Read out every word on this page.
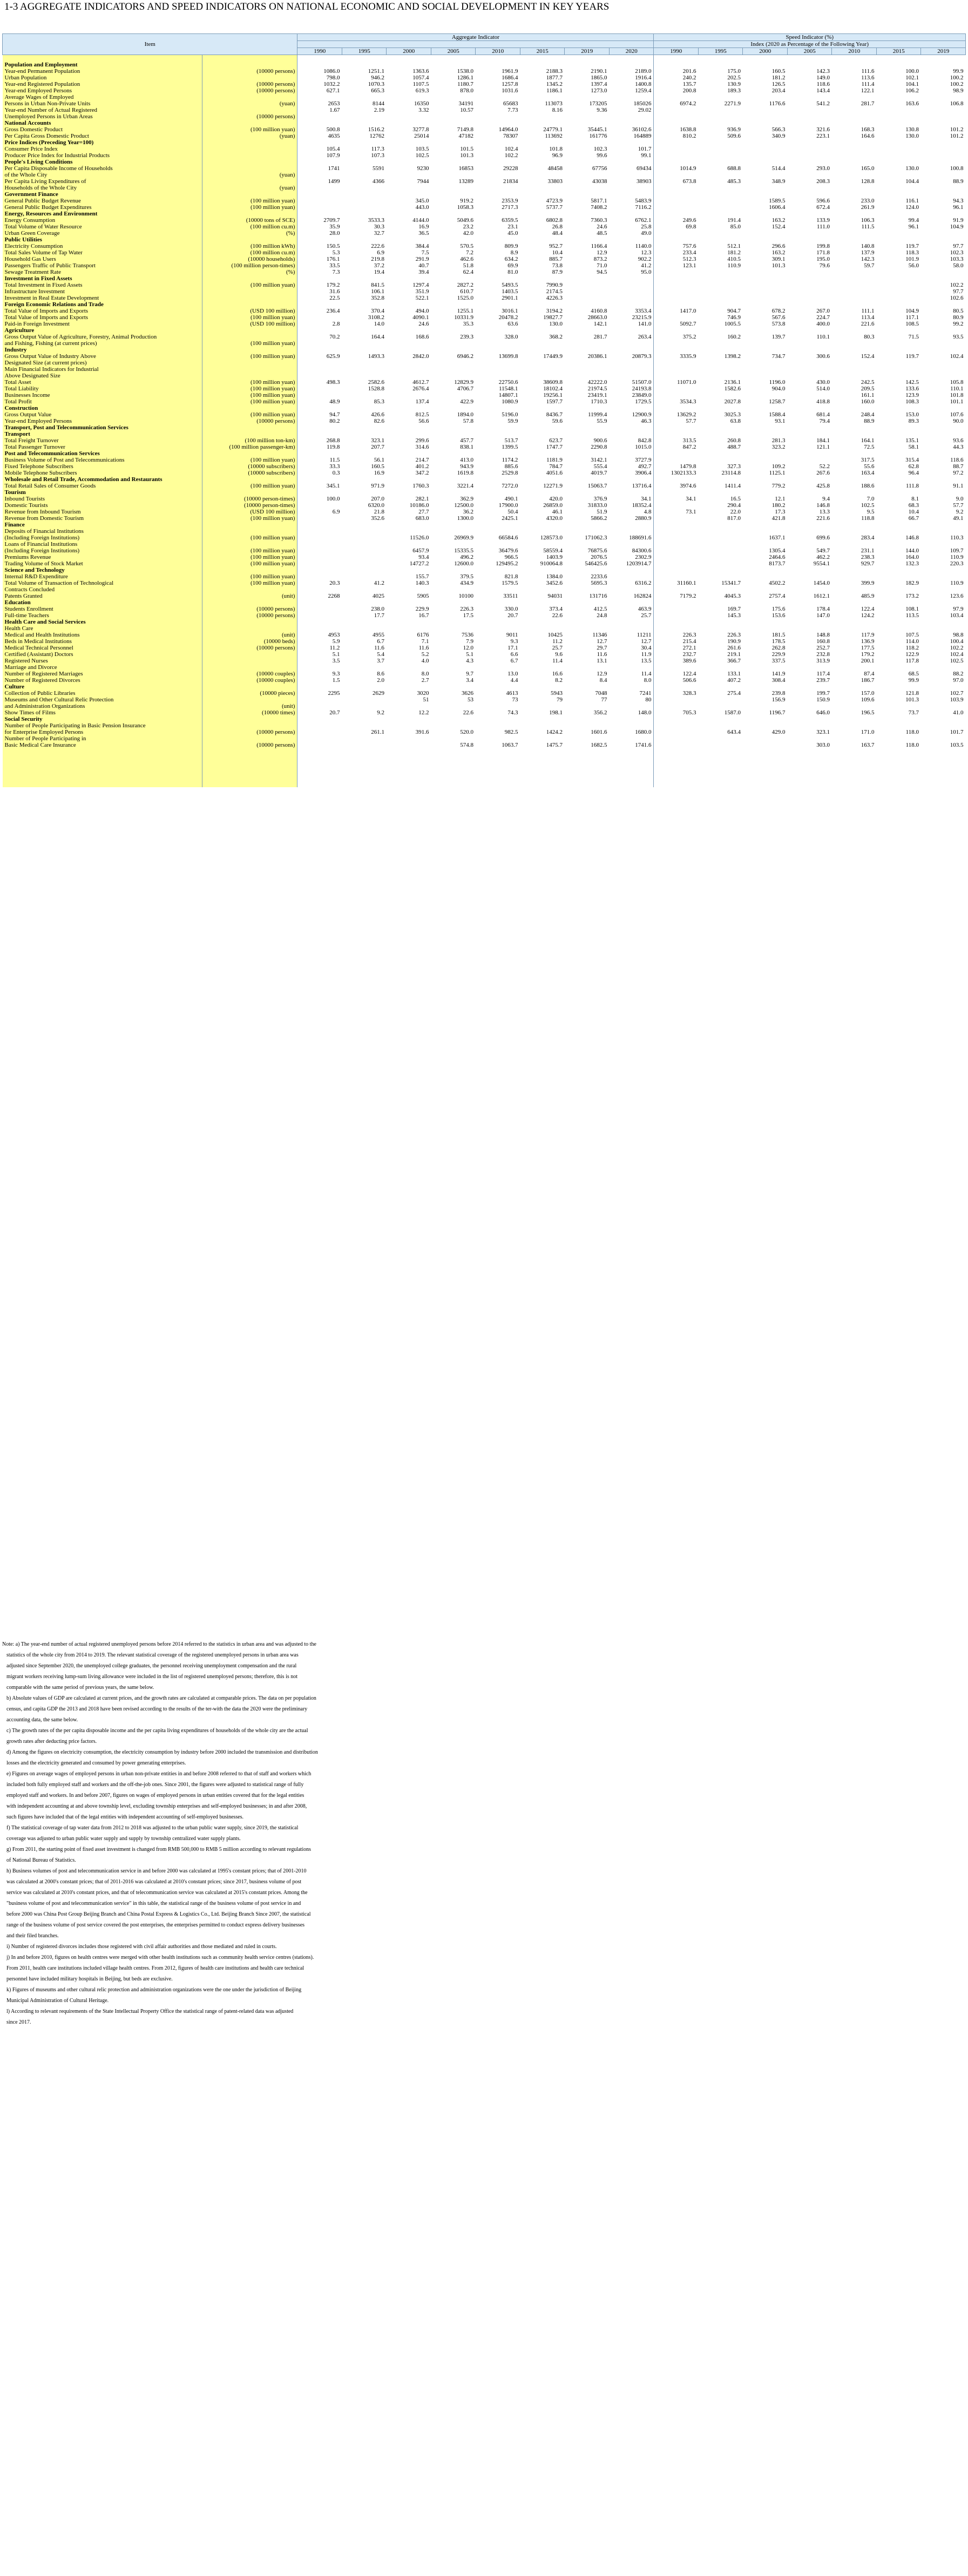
1-3 AGGREGATE INDICATORS AND SPEED INDICATORS ON NATIONAL ECONOMIC AND SOCIAL DEVELOPMENT IN KEY YEARS
Item		Aggregate Indicator								Speed Indicator (%)						
										Index (2020 as Percentage of the Following Year)						
		1990	1995	2000	2005	2010	2015	2019	2020	1990	1995	2000	2005	2010	2015	2019

Population and Employment																
Year-end Permanent Population	(10000 persons)	1086.0	1251.1	1363.6	1538.0	1961.9	2188.3	2190.1	2189.0	201.6	175.0	160.5	142.3	111.6	100.0	99.9
Urban Population		798.0	946.2	1057.4	1286.1	1686.4	1877.7	1865.0	1916.4	240.2	202.5	181.2	149.0	113.6	102.1	100.2
Year-end Registered Population	(10000 persons)	1032.2	1070.3	1107.5	1180.7	1257.8	1345.2	1397.4	1400.8	135.7	130.9	126.5	118.6	111.4	104.1	100.2
Year-end Employed Persons	(10000 persons)	627.1	665.3	619.3	878.0	1031.6	1186.1	1273.0	1259.4	200.8	189.3	203.4	143.4	122.1	106.2	98.9
Average Wages of Employed																
Persons in Urban Non-Private Units	(yuan)	2653	8144	16350	34191	65683	113073	173205	185026	6974.2	2271.9	1176.6	541.2	281.7	163.6	106.8
Year-end Number of Actual Registered		1.67	2.19	3.32	10.57	7.73	8.16	9.36	29.02							
Unemployed Persons in Urban Areas	(10000 persons)															
National Accounts																
Gross Domestic Product	(100 million yuan)	500.8	1516.2	3277.8	7149.8	14964.0	24779.1	35445.1	36102.6	1638.8	936.9	566.3	321.6	168.3	130.8	101.2
Per Capita Gross Domestic Product	(yuan)	4635	12762	25014	47182	78307	113692	161776	164889	810.2	509.6	340.9	223.1	164.6	130.0	101.2
Price Indices (Preceding Year=100)																
Consumer Price Index		105.4	117.3	103.5	101.5	102.4	101.8	102.3	101.7							
Producer Price Index for Industrial Products		107.9	107.3	102.5	101.3	102.2	96.9	99.6	99.1							
People's Living Conditions																
Per Capita Disposable Income of Households		1741	5591	9230	16853	29228	48458	67756	69434	1014.9	688.8	514.4	293.0	165.0	130.0	100.8
of the Whole City	(yuan)															
Per Capita Living Expenditures of		1499	4366	7944	13289	21834	33803	43038	38903	673.8	485.3	348.9	208.3	128.8	104.4	88.9
Households of the Whole City	(yuan)															
Government Finance																
General Public Budget Revenue	(100 million yuan)			345.0	919.2	2353.9	4723.9	5817.1	5483.9			1589.5	596.6	233.0	116.1	94.3
General Public Budget Expenditures	(100 million yuan)			443.0	1058.3	2717.3	5737.7	7408.2	7116.2			1606.4	672.4	261.9	124.0	96.1
Energy, Resources and Environment																
Energy Consumption	(10000 tons of SCE)	2709.7	3533.3	4144.0	5049.6	6359.5	6802.8	7360.3	6762.1	249.6	191.4	163.2	133.9	106.3	99.4	91.9
Total Volume of Water Resource	(100 million cu.m)	35.9	30.3	16.9	23.2	23.1	26.8	24.6	25.8	69.8	85.0	152.4	111.0	111.5	96.1	104.9
Urban Green Coverage	(%)	28.0	32.7	36.5	42.0	45.0	48.4	48.5	49.0							
Public Utilities																
Electricity Consumption	(100 million kWh)	150.5	222.6	384.4	570.5	809.9	952.7	1166.4	1140.0	757.6	512.1	296.6	199.8	140.8	119.7	97.7
Total Sales Volume of Tap Water	(100 million cu.m)	5.3	6.9	7.5	7.2	8.9	10.4	12.9	12.3	233.4	181.2	163.2	171.8	137.9	118.3	102.3
Household Gas Users	(10000 households)	176.1	219.8	291.9	462.6	634.2	885.7	873.2	902.2	512.3	410.5	309.1	195.0	142.3	101.9	103.3
Passengers Traffic of Public Transport	(100 million person-times)	33.5	37.2	40.7	51.8	69.9	73.8	71.0	41.2	123.1	110.9	101.3	79.6	59.7	56.0	58.0
Sewage Treatment Rate	(%)	7.3	19.4	39.4	62.4	81.0	87.9	94.5	95.0							
Investment in Fixed Assets																
Total Investment in Fixed Assets	(100 million yuan)	179.2	841.5	1297.4	2827.2	5493.5	7990.9									102.2
Infrastructure Investment		31.6	106.1	351.9	610.7	1403.5	2174.5									97.7
Investment in Real Estate Development		22.5	352.8	522.1	1525.0	2901.1	4226.3									102.6
Foreign Economic Relations and Trade																
Total Value of Imports and Exports	(USD 100 million)	236.4	370.4	494.0	1255.1	3016.1	3194.2	4160.8	3353.4	1417.0	904.7	678.2	267.0	111.1	104.9	80.5
Total Value of Imports and Exports	(100 million yuan)		3108.2	4090.1	10331.9	20478.2	19827.7	28663.0	23215.9		746.9	567.6	224.7	113.4	117.1	80.9
Paid-in Foreign Investment	(USD 100 million)	2.8	14.0	24.6	35.3	63.6	130.0	142.1	141.0	5092.7	1005.5	573.8	400.0	221.6	108.5	99.2
Agriculture																
Gross Output Value of Agriculture, Forestry, Animal Production		70.2	164.4	168.6	239.3	328.0	368.2	281.7	263.4	375.2	160.2	139.7	110.1	80.3	71.5	93.5
and Fishing, Fishing (at current prices)	(100 million yuan)															
Industry																
Gross Output Value of Industry Above	(100 million yuan)	625.9	1493.3	2842.0	6946.2	13699.8	17449.9	20386.1	20879.3	3335.9	1398.2	734.7	300.6	152.4	119.7	102.4
Designated Size (at current prices)																
Main Financial Indicators for Industrial																
Above Designated Size																
Total Asset	(100 million yuan)	498.3	2582.6	4612.7	12829.9	22750.6	38609.8	42222.0	51507.0	11071.0	2136.1	1196.0	430.0	242.5	142.5	105.8
Total Liability	(100 million yuan)		1528.8	2676.4	4706.7	11548.1	18102.4	21974.5	24193.8		1582.6	904.0	514.0	209.5	133.6	110.1
Businesses Income	(100 million yuan)					14807.1	19256.1	23419.1	23849.0					161.1	123.9	101.8
Total Profit	(100 million yuan)	48.9	85.3	137.4	422.9	1080.9	1597.7	1710.3	1729.5	3534.3	2027.8	1258.7	418.8	160.0	108.3	101.1
Construction																
Gross Output Value	(100 million yuan)	94.7	426.6	812.5	1894.0	5196.0	8436.7	11999.4	12900.9	13629.2	3025.3	1588.4	681.4	248.4	153.0	107.6
Year-end Employed Persons	(10000 persons)	80.2	82.6	56.6	57.8	59.9	59.6	55.9	46.3	57.7	63.8	93.1	79.4	88.9	89.3	90.0
Transport, Post and Telecommunication Services																
Transport																
Total Freight Turnover	(100 million ton-km)	268.8	323.1	299.6	457.7	513.7	623.7	900.6	842.8	313.5	260.8	281.3	184.1	164.1	135.1	93.6
Total Passenger Turnover	(100 million passenger-km)	119.8	207.7	314.6	838.1	1399.5	1747.7	2290.8	1015.0	847.2	488.7	323.2	121.1	72.5	58.1	44.3
Post and Telecommunication Services																
Business Volume of Post and Telecommunications	(100 million yuan)	11.5	56.1	214.7	413.0	1174.2	1181.9	3142.1	3727.9					317.5	315.4	118.6
Fixed Telephone Subscribers	(10000 subscribers)	33.3	160.5	401.2	943.9	885.6	784.7	555.4	492.7	1479.8	327.3	109.2	52.2	55.6	62.8	88.7
Mobile Telephone Subscribers	(10000 subscribers)	0.3	16.9	347.2	1619.8	2529.8	4051.6	4019.7	3906.4	1302133.3	23114.8	1125.1	267.6	163.4	96.4	97.2
Wholesale and Retail Trade, Accommodation and Restaurants																
Total Retail Sales of Consumer Goods	(100 million yuan)	345.1	971.9	1760.3	3221.4	7272.0	12271.9	15063.7	13716.4	3974.6	1411.4	779.2	425.8	188.6	111.8	91.1
Tourism																
Inbound Tourists	(10000 person-times)	100.0	207.0	282.1	362.9	490.1	420.0	376.9	34.1	34.1	16.5	12.1	9.4	7.0	8.1	9.0
Domestic Tourists	(10000 person-times)		6320.0	10186.0	12500.0	17900.0	26859.0	31833.0	18352.4		290.4	180.2	146.8	102.5	68.3	57.7
Revenue from Inbound Tourism	(USD 100 million)	6.9	21.8	27.7	36.2	50.4	46.1	51.9	4.8	73.1	22.0	17.3	13.3	9.5	10.4	9.2
Revenue from Domestic Tourism	(100 million yuan)		352.6	683.0	1300.0	2425.1	4320.0	5866.2	2880.9		817.0	421.8	221.6	118.8	66.7	49.1
Finance																
Deposits of Financial Institutions																
(Including Foreign Institutions)	(100 million yuan)			11526.0	26969.9	66584.6	128573.0	171062.3	188691.6			1637.1	699.6	283.4	146.8	110.3
Loans of Financial Institutions																
(Including Foreign Institutions)	(100 million yuan)			6457.9	15335.5	36479.6	58559.4	76875.6	84300.6			1305.4	549.7	231.1	144.0	109.7
Premiums Revenue	(100 million yuan)			93.4	496.2	966.5	1403.9	2076.5	2302.9			2464.6	462.2	238.3	164.0	110.9
Trading Volume of Stock Market	(100 million yuan)			14727.2	12600.0	129495.2	910064.8	546425.6	1203914.7			8173.7	9554.1	929.7	132.3	220.3
Science and Technology																
Internal R&D Expenditure	(100 million yuan)			155.7	379.5	821.8	1384.0	2233.6								
Total Volume of Transaction of Technological	(100 million yuan)	20.3	41.2	140.3	434.9	1579.5	3452.6	5695.3	6316.2	31160.1	15341.7	4502.2	1454.0	399.9	182.9	110.9
Contracts Concluded																
Patents Granted	(unit)	2268	4025	5905	10100	33511	94031	131716	162824	7179.2	4045.3	2757.4	1612.1	485.9	173.2	123.6
Education																
Students Enrollment	(10000 persons)		238.0	229.9	226.3	330.0	373.4	412.5	463.9		169.7	175.6	178.4	122.4	108.1	97.9
Full-time Teachers	(10000 persons)		17.7	16.7	17.5	20.7	22.6	24.8	25.7		145.3	153.6	147.0	124.2	113.5	103.4
Health Care and Social Services																
Health Care																
Medical and Health Institutions	(unit)	4953	4955	6176	7536	9011	10425	11346	11211	226.3	226.3	181.5	148.8	117.9	107.5	98.8
Beds in Medical Institutions	(10000 beds)	5.9	6.7	7.1	7.9	9.3	11.2	12.7	12.7	215.4	190.9	178.5	160.8	136.9	114.0	100.4
Medical Technical Personnel	(10000 persons)	11.2	11.6	11.6	12.0	17.1	25.7	29.7	30.4	272.1	261.6	262.8	252.7	177.5	118.2	102.2
Certified (Assistant) Doctors		5.1	5.4	5.2	5.1	6.6	9.6	11.6	11.9	232.7	219.1	229.9	232.8	179.2	122.9	102.4
Registered Nurses		3.5	3.7	4.0	4.3	6.7	11.4	13.1	13.5	389.6	366.7	337.5	313.9	200.1	117.8	102.5
Marriage and Divorce																
Number of Registered Marriages	(10000 couples)	9.3	8.6	8.0	9.7	13.0	16.6	12.9	11.4	122.4	133.1	141.9	117.4	87.4	68.5	88.2
Number of Registered Divorces	(10000 couples)	1.5	2.0	2.7	3.4	4.4	8.2	8.4	8.0	506.6	407.2	308.4	239.7	186.7	99.9	97.0
Culture																
Collection of Public Libraries	(10000 pieces)	2295	2629	3020	3626	4613	5943	7048	7241	328.3	275.4	239.8	199.7	157.0	121.8	102.7
Museums and Other Cultural Relic Protection				51	53	73	79	77	80			156.9	150.9	109.6	101.3	103.9
and Administration Organizations	(unit)															
Show Times of Films	(10000 times)	20.7	9.2	12.2	22.6	74.3	198.1	356.2	148.0	705.3	1587.0	1196.7	646.0	196.5	73.7	41.0
Social Security																
Number of People Participating in Basic Pension Insurance																
for Enterprise Employed Persons	(10000 persons)		261.1	391.6	520.0	982.5	1424.2	1601.6	1680.0		643.4	429.0	323.1	171.0	118.0	101.7
Number of People Participating in																
Basic Medical Care Insurance	(10000 persons)				574.8	1063.7	1475.7	1682.5	1741.6				303.0	163.7	118.0	103.5

Note: a) The year-end number of actual registered unemployed persons before 2014 referred to the statistics in urban area and was adjusted to the
statistics of the whole city from 2014 to 2019. The relevant statistical coverage of the registered unemployed persons in urban area was
adjusted since September 2020, the unemployed college graduates, the personnel receiving unemployment compensation and the rural
migrant workers receiving lump-sum living allowance were included in the list of registered unemployed persons; therefore, this is not
comparable with the same period of previous years, the same below.
b) Absolute values of GDP are calculated at current prices, and the growth rates are calculated at comparable prices. The data on per population
census, and capita GDP the 2013 and 2018 have been revised according to the results of the ter-with the data the 2020 were the preliminary
accounting data, the same below.
c) The growth rates of the per capita disposable income and the per capita living expenditures of households of the whole city are the actual
growth rates after deducting price factors.
d) Among the figures on electricity consumption, the electricity consumption by industry before 2000 included the transmission and distribution
losses and the electricity generated and consumed by power generating enterprises.
e) Figures on average wages of employed persons in urban non-private entities in and before 2008 referred to that of staff and workers which
included both fully employed staff and workers and the off-the-job ones. Since 2001, the figures were adjusted to statistical range of fully
employed staff and workers. In and before 2007, figures on wages of employed persons in urban entities covered that for the legal entities
with independent accounting at and above township level, excluding township enterprises and self-employed businesses; in and after 2008,
such figures have included that of the legal entities with independent accounting of self-employed businesses.
f) The statistical coverage of tap water data from 2012 to 2018 was adjusted to the urban public water supply, since 2019, the statistical
coverage was adjusted to urban public water supply and supply by township centralized water supply plants.
g) From 2011, the starting point of fixed asset investment is changed from RMB 500,000 to RMB 5 million according to relevant regulations
of National Bureau of Statistics.
h) Business volumes of post and telecommunication service in and before 2000 was calculated at 1995's constant prices; that of 2001-2010
was calculated at 2000's constant prices; that of 2011-2016 was calculated at 2010's constant prices; since 2017, business volume of post
service was calculated at 2010's constant prices, and that of telecommunication service was calculated at 2015's constant prices. Among the
"business volume of post and telecommunication service" in this table, the statistical range of the business volume of post service in and
before 2000 was China Post Group Beijing Branch and China Postal Express & Logistics Co., Ltd. Beijing Branch Since 2007, the statistical
range of the business volume of post service covered the post enterprises, the enterprises permitted to conduct express delivery businesses
and their filed branches.
i) Number of registered divorces includes those registered with civil affair authorities and those mediated and ruled in courts.
j) In and before 2010, figures on health centres were merged with other health institutions such as community health service centres (stations).
From 2011, health care institutions included village health centres. From 2012, figures of health care institutions and health care technical
personnel have included military hospitals in Beijing, but beds are exclusive.
k) Figures of museums and other cultural relic protection and administration organizations were the one under the jurisdiction of Beijing
Municipal Administration of Cultural Heritage.
l) According to relevant requirements of the State Intellectual Property Office the statistical range of patent-related data was adjusted
since 2017.
